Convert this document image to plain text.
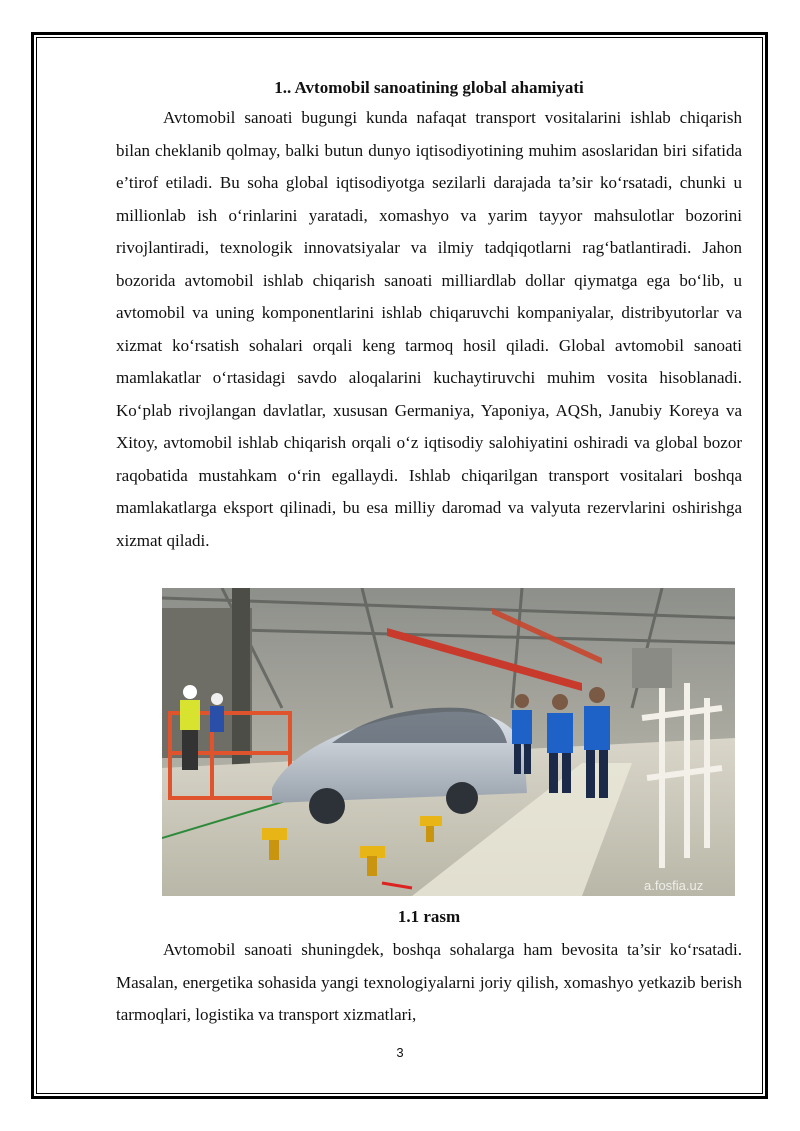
1.. Avtomobil sanoatining global ahamiyati

Avtomobil sanoati bugungi kunda nafaqat transport vositalarini ishlab chiqarish bilan cheklanib qolmay, balki butun dunyo iqtisodiyotining muhim asoslaridan biri sifatida e’tirof etiladi. Bu soha global iqtisodiyotga sezilarli darajada ta’sir ko‘rsatadi, chunki u millionlab ish o‘rinlarini yaratadi, xomashyo va yarim tayyor mahsulotlar bozorini rivojlantiradi, texnologik innovatsiyalar va ilmiy tadqiqotlarni rag‘batlantiradi. Jahon bozorida avtomobil ishlab chiqarish sanoati milliardlab dollar qiymatga ega bo‘lib, u avtomobil va uning komponentlarini ishlab chiqaruvchi kompaniyalar, distribyutorlar va xizmat ko‘rsatish sohalari orqali keng tarmoq hosil qiladi. Global avtomobil sanoati mamlakatlar o‘rtasidagi savdo aloqalarini kuchaytiruvchi muhim vosita hisoblanadi. Ko‘plab rivojlangan davlatlar, xususan Germaniya, Yaponiya, AQSh, Janubiy Koreya va Xitoy, avtomobil ishlab chiqarish orqali o‘z iqtisodiy salohiyatini oshiradi va global bozor raqobatida mustahkam o‘rin egallaydi. Ishlab chiqarilgan transport vositalari boshqa mamlakatlarga eksport qilinadi, bu esa milliy daromad va valyuta rezervlarini oshirishga xizmat qiladi.

a.fosfia.uz
1.1 rasm

Avtomobil sanoati shuningdek, boshqa sohalarga ham bevosita ta’sir ko‘rsatadi. Masalan, energetika sohasida yangi texnologiyalarni joriy qilish, xomashyo yetkazib berish tarmoqlari, logistika va transport xizmatlari,

3
